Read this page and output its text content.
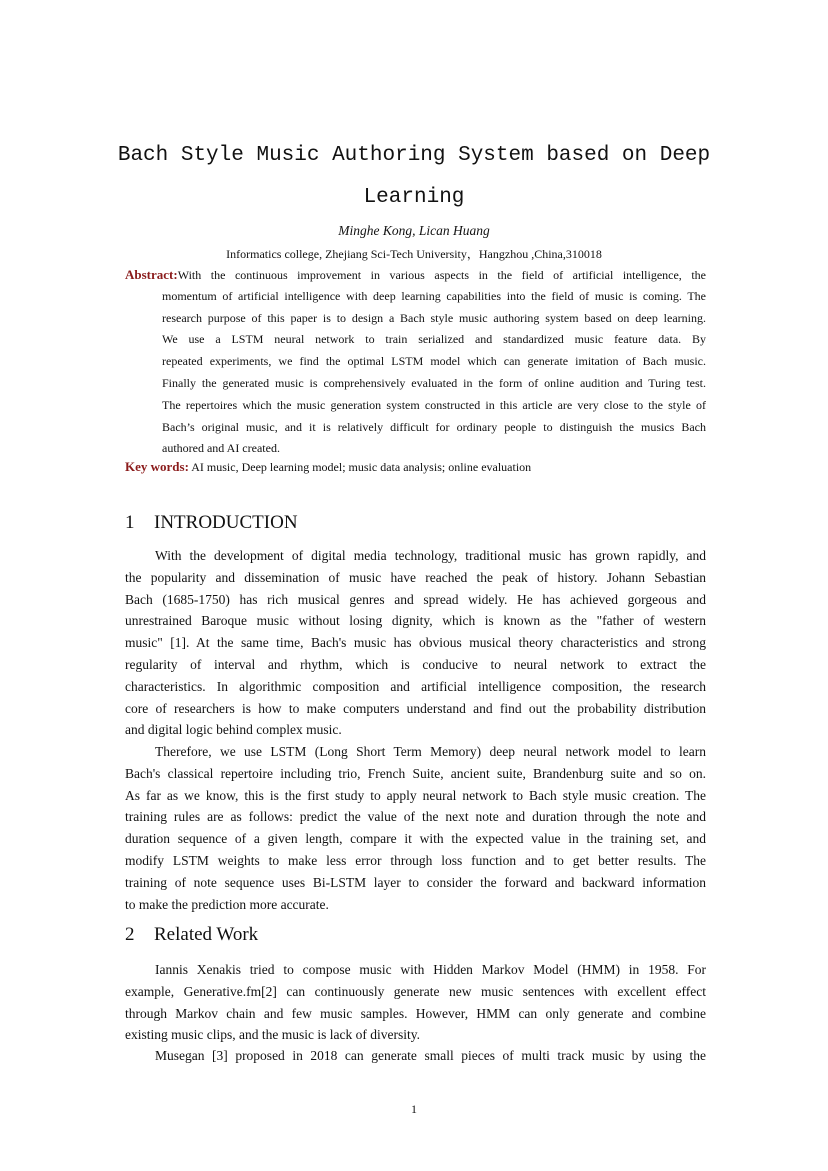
Bach Style Music Authoring System based on Deep
Learning
Minghe Kong, Lican Huang
Informatics college, Zhejiang Sci-Tech University，Hangzhou ,China,310018
Abstract:With the continuous improvement in various aspects in the field of artificial intelligence, the
momentum of artificial intelligence with deep learning capabilities into the field of music is coming. The
research purpose of this paper is to design a Bach style music authoring system based on deep learning.
We use a LSTM neural network to train serialized and standardized music feature data. By
repeated experiments, we find the optimal LSTM model which can generate imitation of Bach music.
Finally the generated music is comprehensively evaluated in the form of online audition and Turing test.
The repertoires which the music generation system constructed in this article are very close to the style of
Bach’s original music, and it is relatively difficult for ordinary people to distinguish the musics Bach
authored and AI created.
Key words: AI music, Deep learning model; music data analysis; online evaluation
1 INTRODUCTION
With the development of digital media technology, traditional music has grown rapidly, and
the popularity and dissemination of music have reached the peak of history. Johann Sebastian
Bach (1685-1750) has rich musical genres and spread widely. He has achieved gorgeous and
unrestrained Baroque music without losing dignity, which is known as the "father of western
music" [1]. At the same time, Bach's music has obvious musical theory characteristics and strong
regularity of interval and rhythm, which is conducive to neural network to extract the
characteristics. In algorithmic composition and artificial intelligence composition, the research
core of researchers is how to make computers understand and find out the probability distribution
and digital logic behind complex music.
Therefore, we use LSTM (Long Short Term Memory) deep neural network model to learn
Bach's classical repertoire including trio, French Suite, ancient suite, Brandenburg suite and so on.
As far as we know, this is the first study to apply neural network to Bach style music creation. The
training rules are as follows: predict the value of the next note and duration through the note and
duration sequence of a given length, compare it with the expected value in the training set, and
modify LSTM weights to make less error through loss function and to get better results. The
training of note sequence uses Bi-LSTM layer to consider the forward and backward information
to make the prediction more accurate.
2 Related Work
Iannis Xenakis tried to compose music with Hidden Markov Model (HMM) in 1958. For
example, Generative.fm[2] can continuously generate new music sentences with excellent effect
through Markov chain and few music samples. However, HMM can only generate and combine
existing music clips, and the music is lack of diversity.
Musegan [3] proposed in 2018 can generate small pieces of multi track music by using the
1
